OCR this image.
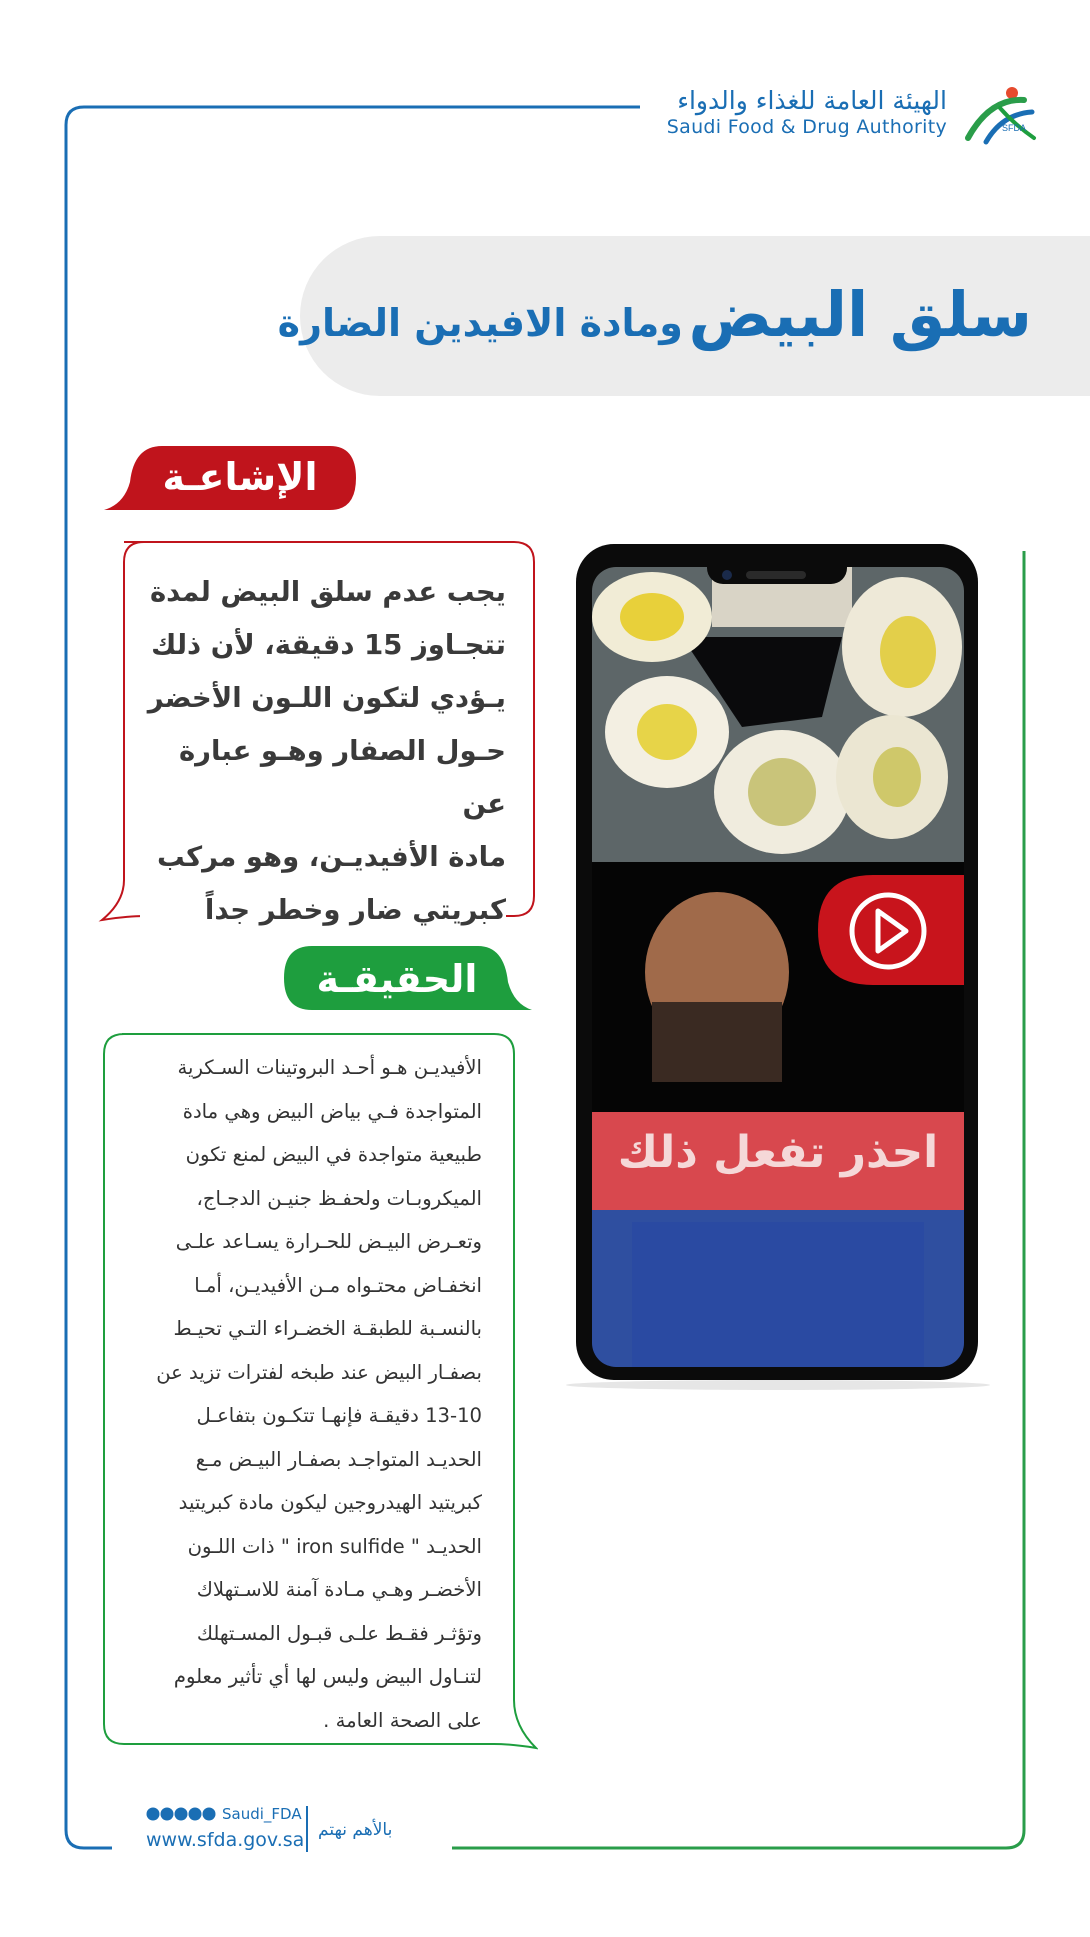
SFDA
الهيئة العامة للغذاء والدواء
Saudi Food & Drug Authority
سلق البيض ومادة الافيدين الضارة
الإشاعـة
يجب عدم سلق البيض لمدة
تتجـاوز 15 دقيقة، لأن ذلك
يـؤدي لتكون اللـون الأخضر
حـول الصفار وهـو عبارة عن
مادة الأفيديـن، وهو مركب
كبريتي ضار وخطر جداً
الحقيقـة
الأفيديـن هـو أحـد البروتينات السـكرية
المتواجدة فـي بياض البيض وهي مادة
طبيعية متواجدة في البيض لمنع تكون
الميكروبـات ولحفـظ جنيـن الدجـاج،
وتعـرض البيـض للحـرارة يسـاعد علـى
انخفـاض محتـواه مـن الأفيديـن، أمـا
بالنسـبة للطبقـة الخضـراء التـي تحيـط
بصفـار البيض عند طبخه لفترات تزيد عن
13-10 دقيقـة فإنهـا تتكـون بتفاعـل
الحديـد المتواجـد بصفـار البيـض مـع
كبريتيد الهيدروجين ليكون مادة كبريتيد
الحديـد " iron sulfide " ذات اللـون
الأخضـر وهـي مـادة آمنة للاسـتهلاك
وتؤثـر فقـط علـى قبـول المسـتهلك
لتنـاول البيض وليس لها أي تأثير معلوم
على الصحة العامة .
احذر تفعل ذلك
Saudi_FDA
www.sfda.gov.sa بالأهم نهتم
